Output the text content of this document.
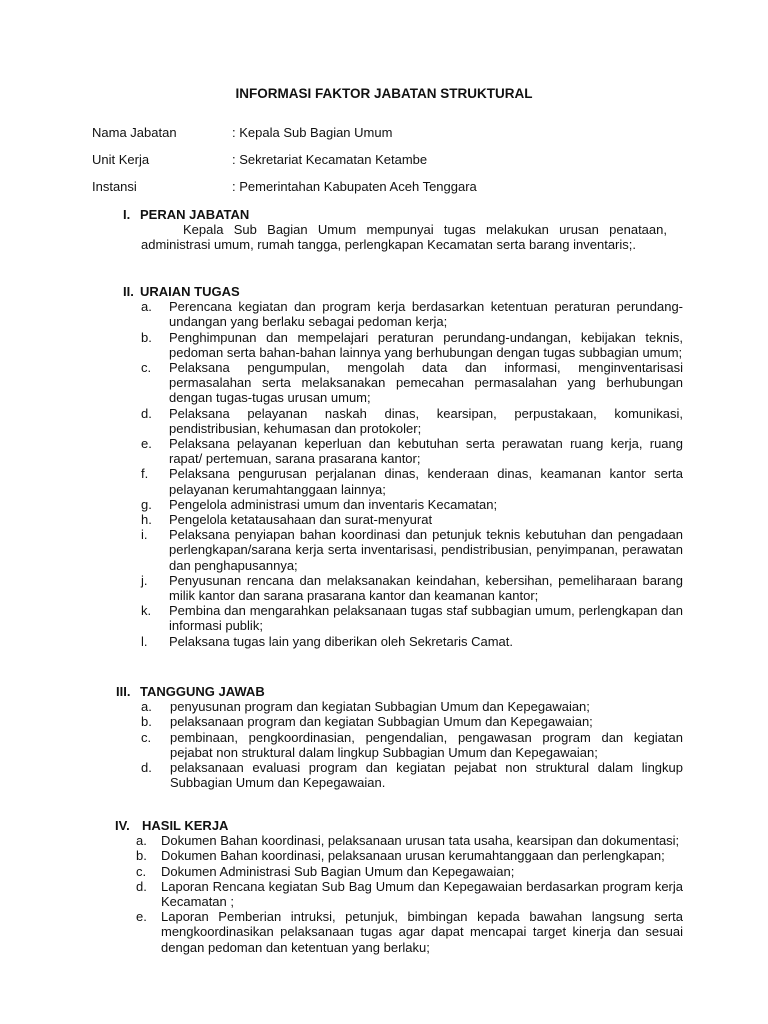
INFORMASI FAKTOR JABATAN STRUKTURAL
Nama Jabatan	: Kepala Sub Bagian Umum
Unit Kerja	: Sekretariat Kecamatan Ketambe
Instansi	: Pemerintahan Kabupaten Aceh Tenggara
I. PERAN JABATAN

Kepala Sub Bagian Umum mempunyai tugas melakukan urusan penataan, administrasi umum, rumah tangga, perlengkapan Kecamatan serta barang inventaris;.

II. URAIAN TUGAS
a. Perencana kegiatan dan program kerja berdasarkan ketentuan peraturan perundang-undangan yang berlaku sebagai pedoman kerja;
b. Penghimpunan dan mempelajari peraturan perundang-undangan, kebijakan teknis, pedoman serta bahan-bahan lainnya yang berhubungan dengan tugas subbagian umum;
c. Pelaksana pengumpulan, mengolah data dan informasi, menginventarisasi permasalahan serta melaksanakan pemecahan permasalahan yang berhubungan dengan tugas-tugas urusan umum;
d. Pelaksana pelayanan naskah dinas, kearsipan, perpustakaan, komunikasi, pendistribusian, kehumasan dan protokoler;
e. Pelaksana pelayanan keperluan dan kebutuhan serta perawatan ruang kerja, ruang rapat/ pertemuan, sarana prasarana kantor;
f. Pelaksana pengurusan perjalanan dinas, kenderaan dinas, keamanan kantor serta pelayanan kerumahtanggaan lainnya;
g. Pengelola administrasi umum dan inventaris Kecamatan;
h. Pengelola ketatausahaan dan surat-menyurat
i. Pelaksana penyiapan bahan koordinasi dan petunjuk teknis kebutuhan dan pengadaan perlengkapan/sarana kerja serta inventarisasi, pendistribusian, penyimpanan, perawatan dan penghapusannya;
j. Penyusunan rencana dan melaksanakan keindahan, kebersihan, pemeliharaan barang milik kantor dan sarana prasarana kantor dan keamanan kantor;
k. Pembina dan mengarahkan pelaksanaan tugas staf subbagian umum, perlengkapan dan informasi publik;
l. Pelaksana tugas lain yang diberikan oleh Sekretaris Camat.
III. TANGGUNG JAWAB
a. penyusunan program dan kegiatan Subbagian Umum dan Kepegawaian;
b. pelaksanaan program dan kegiatan Subbagian Umum dan Kepegawaian;
c. pembinaan, pengkoordinasian, pengendalian, pengawasan program dan kegiatan pejabat non struktural dalam lingkup Subbagian Umum dan Kepegawaian;
d. pelaksanaan evaluasi program dan kegiatan pejabat non struktural dalam lingkup Subbagian Umum dan Kepegawaian.
IV. HASIL KERJA
a. Dokumen Bahan koordinasi, pelaksanaan urusan tata usaha, kearsipan dan dokumentasi;
b. Dokumen Bahan koordinasi, pelaksanaan urusan kerumahtanggaan dan perlengkapan;
c. Dokumen Administrasi Sub Bagian Umum dan Kepegawaian;
d. Laporan Rencana kegiatan Sub Bag Umum dan Kepegawaian berdasarkan program kerja Kecamatan ;
e. Laporan Pemberian intruksi, petunjuk, bimbingan kepada bawahan langsung serta mengkoordinasikan pelaksanaan tugas agar dapat mencapai target kinerja dan sesuai dengan pedoman dan ketentuan yang berlaku;
